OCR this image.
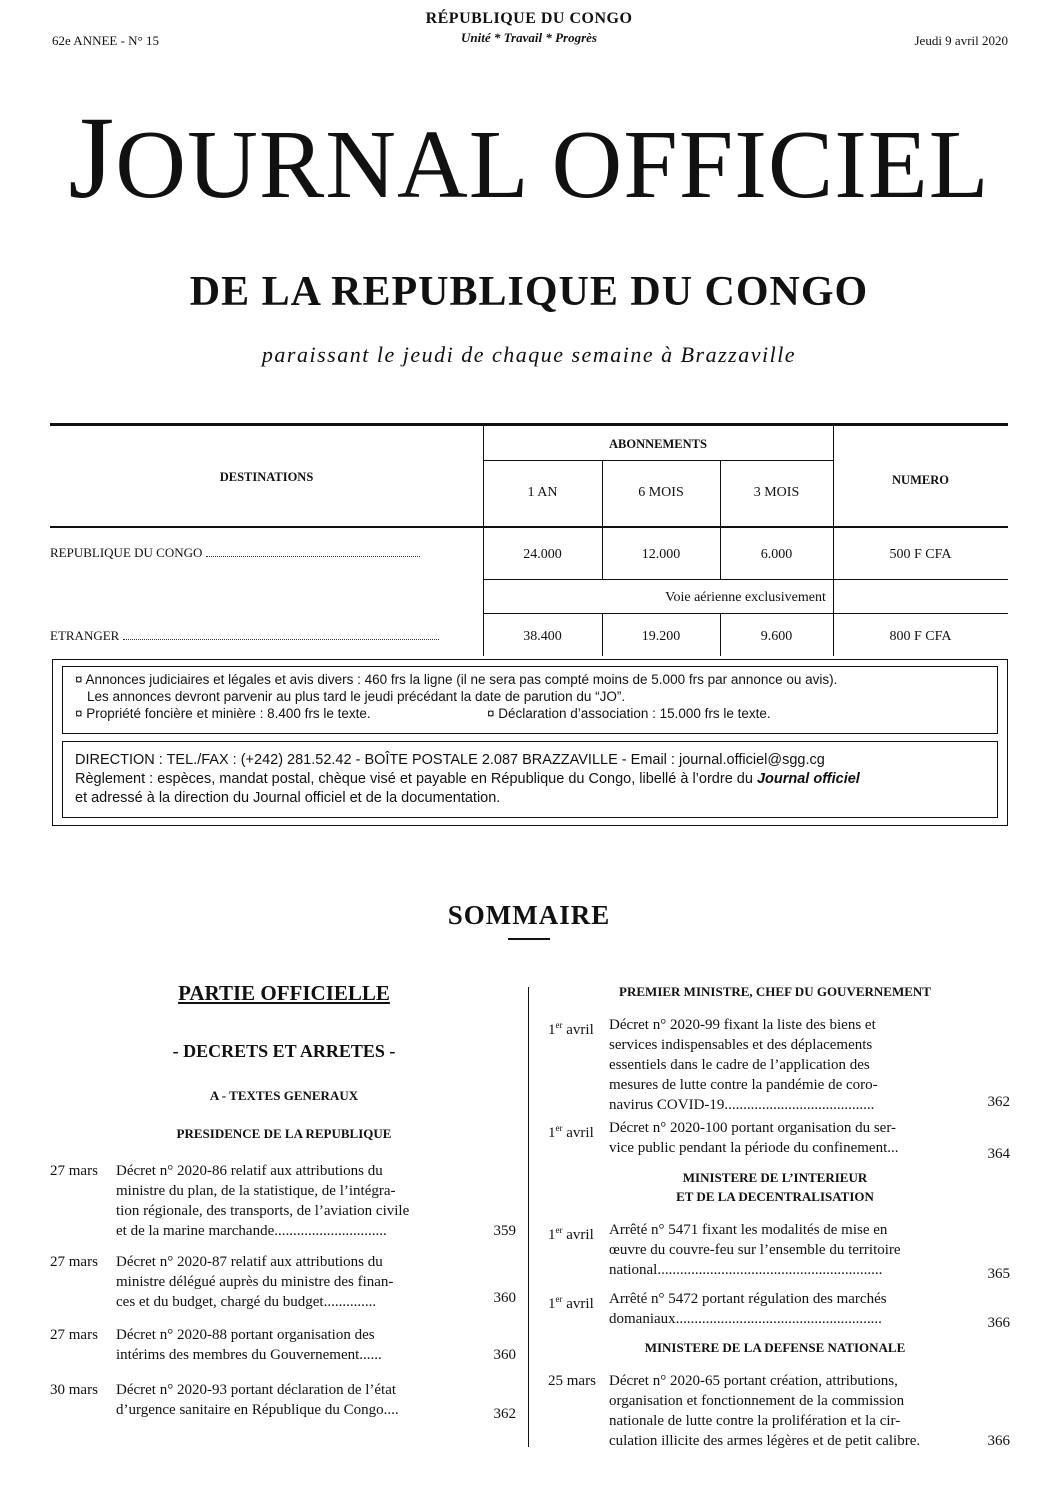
62e ANNEE - N° 15
RÉPUBLIQUE DU CONGO
Unité * Travail * Progrès	Jeudi 9 avril 2020
JOURNAL OFFICIEL
DE LA REPUBLIQUE DU CONGO
paraissant le jeudi de chaque semaine à Brazzaville
DESTINATIONS
ABONNEMENTS
NUMERO
1 AN	6 MOIS	3 MOIS
REPUBLIQUE DU CONGO	24.000	12.000	6.000	500 F CFA
Voie aérienne exclusivement
ETRANGER	38.400	19.200	9.600	800 F CFA
¤ Annonces judiciaires et légales et avis divers : 460 frs la ligne (il ne sera pas compté moins de 5.000 frs par annonce ou avis).
Les annonces devront parvenir au plus tard le jeudi précédant la date de parution du “JO”.
¤ Propriété foncière et minière : 8.400 frs le texte.	¤ Déclaration d’association : 15.000 frs le texte.
DIRECTION : TEL./FAX : (+242) 281.52.42 - BOÎTE POSTALE 2.087 BRAZZAVILLE - Email : journal.officiel@sgg.cg
Règlement : espèces, mandat postal, chèque visé et payable en République du Congo, libellé à l’ordre du Journal officiel
et adressé à la direction du Journal officiel et de la documentation.
SOMMAIRE
PARTIE OFFICIELLE
- DECRETS ET ARRETES -
A - TEXTES GENERAUX
PRESIDENCE DE LA REPUBLIQUE
27 mars Décret n° 2020-86 relatif aux attributions du
ministre du plan, de la statistique, de l’intégra-
tion régionale, des transports, de l’aviation civile
et de la marine marchande..............................	359
27 mars Décret n° 2020-87 relatif aux attributions du
ministre délégué auprès du ministre des finan-
ces et du budget, chargé du budget..............	360
27 mars Décret n° 2020-88 portant organisation des
intérims des membres du Gouvernement......	360
30 mars Décret n° 2020-93 portant déclaration de l’état
d’urgence sanitaire en République du Congo....	362
PREMIER MINISTRE, CHEF DU GOUVERNEMENT
MINISTERE DE L’INTERIEUR
ET DE LA DECENTRALISATION
MINISTERE DE LA DEFENSE NATIONALE
1er avril Décret n° 2020-99 fixant la liste des biens et
services indispensables et des déplacements
essentiels dans le cadre de l’application des
mesures de lutte contre la pandémie de coro-
navirus COVID-19........................................	362
1er avril Décret n° 2020-100 portant organisation du ser-
vice public pendant la période du confinement...	364
1er avril Arrêté n° 5471 fixant les modalités de mise en
œuvre du couvre-feu sur l’ensemble du territoire
national............................................................	365
1er avril Arrêté n° 5472 portant régulation des marchés
domaniaux.......................................................	366
25 mars Décret n° 2020-65 portant création, attributions,
organisation et fonctionnement de la commission
nationale de lutte contre la prolifération et la cir-
culation illicite des armes légères et de petit calibre.	366
